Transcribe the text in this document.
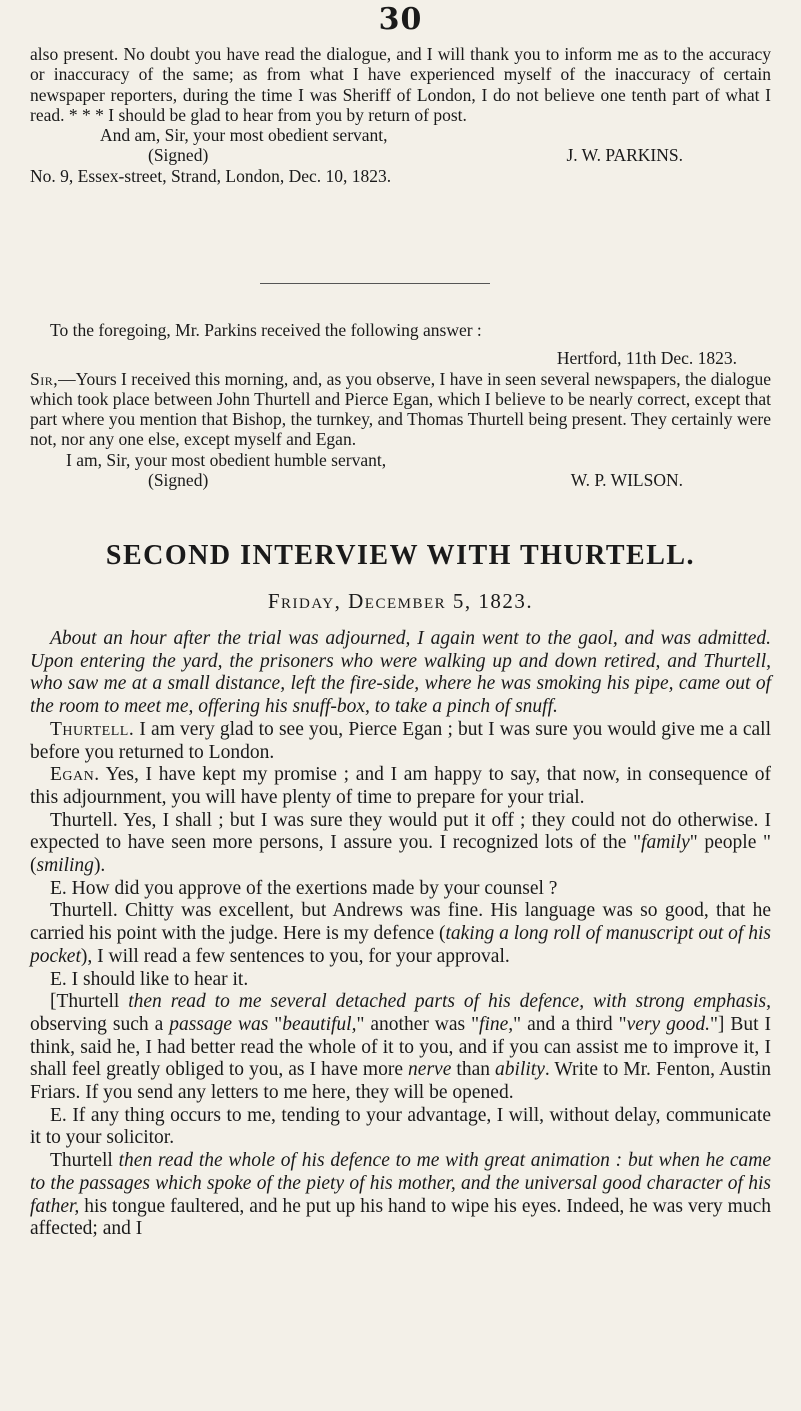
30

also present. No doubt you have read the dialogue, and I will thank you to inform me as to the accuracy or inaccuracy of the same; as from what I have experienced myself of the inaccuracy of certain newspaper reporters, during the time I was Sheriff of London, I do not believe one tenth part of what I read. * * * I should be glad to hear from you by return of post.

And am, Sir, your most obedient servant,

(Signed)	J. W. PARKINS.

No. 9, Essex-street, Strand, London, Dec. 10, 1823.

To the foregoing, Mr. Parkins received the following answer :

Hertford, 11th Dec. 1823.

Sir,—Yours I received this morning, and, as you observe, I have in seen several newspapers, the dialogue which took place between John Thurtell and Pierce Egan, which I believe to be nearly correct, except that part where you mention that Bishop, the turnkey, and Thomas Thurtell being present. They certainly were not, nor any one else, except myself and Egan.

I am, Sir, your most obedient humble servant,

(Signed)	W. P. WILSON.
SECOND INTERVIEW WITH THURTELL.
Friday, December 5, 1823.

About an hour after the trial was adjourned, I again went to the gaol, and was admitted. Upon entering the yard, the prisoners who were walking up and down retired, and Thurtell, who saw me at a small distance, left the fire-side, where he was smoking his pipe, came out of the room to meet me, offering his snuff-box, to take a pinch of snuff.

Thurtell. I am very glad to see you, Pierce Egan ; but I was sure you would give me a call before you returned to London.

Egan. Yes, I have kept my promise ; and I am happy to say, that now, in consequence of this adjournment, you will have plenty of time to prepare for your trial.

Thurtell. Yes, I shall ; but I was sure they would put it off ; they could not do otherwise. I expected to have seen more persons, I assure you. I recognized lots of the "family" people " (smiling).

E. How did you approve of the exertions made by your counsel ?

Thurtell. Chitty was excellent, but Andrews was fine. His language was so good, that he carried his point with the judge. Here is my defence (taking a long roll of manuscript out of his pocket), I will read a few sentences to you, for your approval.

E. I should like to hear it.

[Thurtell then read to me several detached parts of his defence, with strong emphasis, observing such a passage was "beautiful," another was "fine," and a third "very good."] But I think, said he, I had better read the whole of it to you, and if you can assist me to improve it, I shall feel greatly obliged to you, as I have more nerve than ability. Write to Mr. Fenton, Austin Friars. If you send any letters to me here, they will be opened.

E. If any thing occurs to me, tending to your advantage, I will, without delay, communicate it to your solicitor.

Thurtell then read the whole of his defence to me with great animation : but when he came to the passages which spoke of the piety of his mother, and the universal good character of his father, his tongue faultered, and he put up his hand to wipe his eyes. Indeed, he was very much affected; and I
